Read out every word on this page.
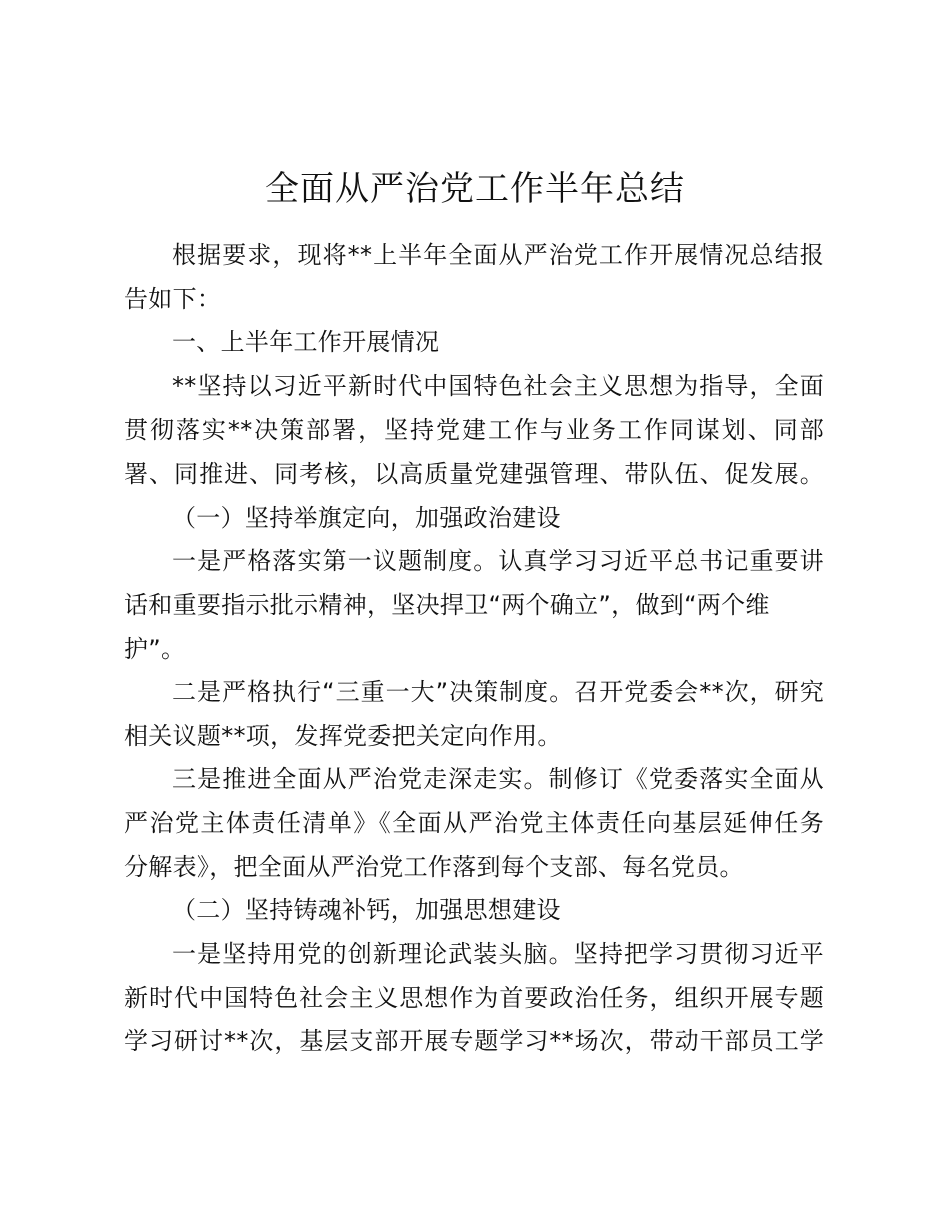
全面从严治党工作半年总结
根据要求，现将**上半年全面从严治党工作开展情况总结报
告如下：
一、上半年工作开展情况
**坚持以习近平新时代中国特色社会主义思想为指导，全面
贯彻落实**决策部署，坚持党建工作与业务工作同谋划、同部
署、同推进、同考核，以高质量党建强管理、带队伍、促发展。
（一）坚持举旗定向，加强政治建设
一是严格落实第一议题制度。认真学习习近平总书记重要讲
话和重要指示批示精神，坚决捍卫“两个确立”，做到“两个维
护”。
二是严格执行“三重一大”决策制度。召开党委会**次，研究
相关议题**项，发挥党委把关定向作用。
三是推进全面从严治党走深走实。制修订《党委落实全面从
严治党主体责任清单》《全面从严治党主体责任向基层延伸任务
分解表》，把全面从严治党工作落到每个支部、每名党员。
（二）坚持铸魂补钙，加强思想建设
一是坚持用党的创新理论武装头脑。坚持把学习贯彻习近平
新时代中国特色社会主义思想作为首要政治任务，组织开展专题
学习研讨**次，基层支部开展专题学习**场次，带动干部员工学
